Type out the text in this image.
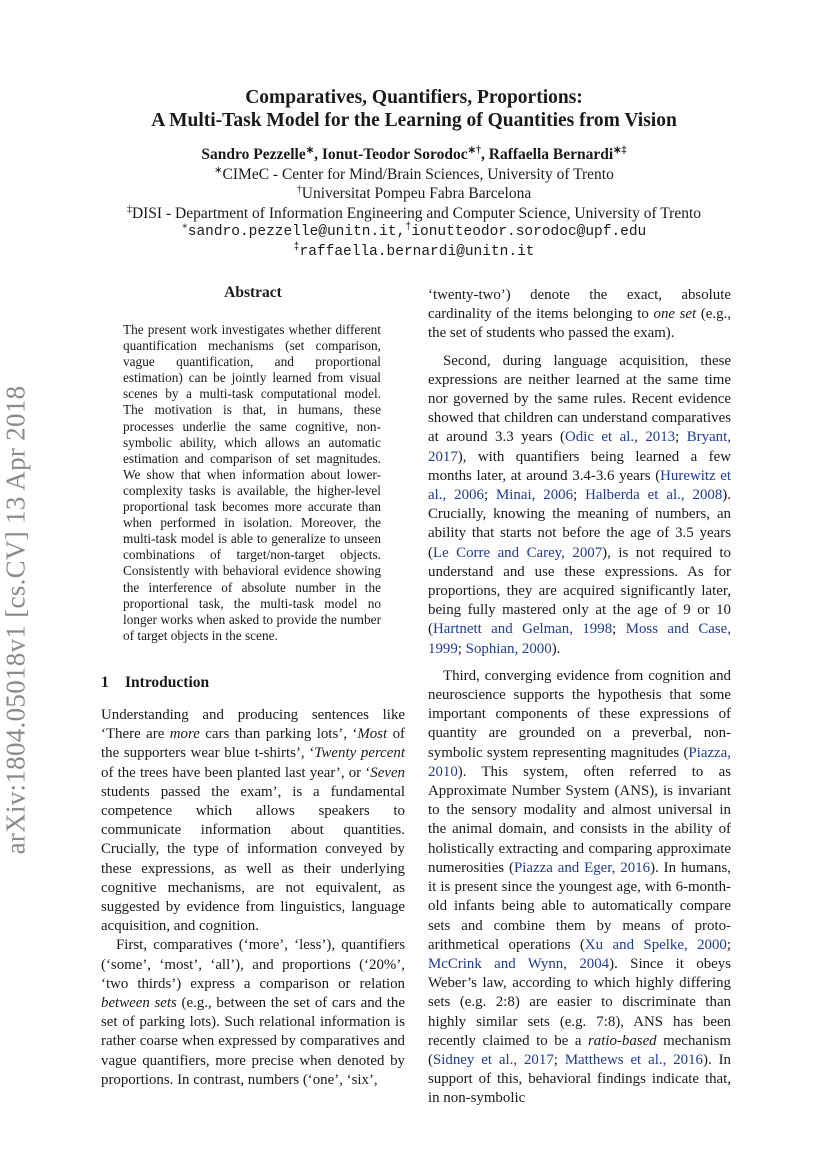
arXiv:1804.05018v1 [cs.CV] 13 Apr 2018
Comparatives, Quantifiers, Proportions:
A Multi-Task Model for the Learning of Quantities from Vision
Sandro Pezzelle∗, Ionut-Teodor Sorodoc∗†, Raffaella Bernardi∗‡
∗CIMeC - Center for Mind/Brain Sciences, University of Trento
†Universitat Pompeu Fabra Barcelona
‡DISI - Department of Information Engineering and Computer Science, University of Trento
∗sandro.pezzelle@unitn.it,†ionutteodor.sorodoc@upf.edu
‡raffaella.bernardi@unitn.it
Abstract
The present work investigates whether different quantification mechanisms (set comparison, vague quantification, and proportional estimation) can be jointly learned from visual scenes by a multi-task computational model. The motivation is that, in humans, these processes underlie the same cognitive, non-symbolic ability, which allows an automatic estimation and comparison of set magnitudes. We show that when information about lower-complexity tasks is available, the higher-level proportional task becomes more accurate than when performed in isolation. Moreover, the multi-task model is able to generalize to unseen combinations of target/non-target objects. Consistently with behavioral evidence showing the interference of absolute number in the proportional task, the multi-task model no longer works when asked to provide the number of target objects in the scene.
1 Introduction

Understanding and producing sentences like ‘There are more cars than parking lots’, ‘Most of the supporters wear blue t-shirts’, ‘Twenty percent of the trees have been planted last year’, or ‘Seven students passed the exam’, is a fundamental competence which allows speakers to communicate information about quantities. Crucially, the type of information conveyed by these expressions, as well as their underlying cognitive mechanisms, are not equivalent, as suggested by evidence from linguistics, language acquisition, and cognition.

First, comparatives (‘more’, ‘less’), quantifiers (‘some’, ‘most’, ‘all’), and proportions (‘20%’, ‘two thirds’) express a comparison or relation between sets (e.g., between the set of cars and the set of parking lots). Such relational information is rather coarse when expressed by comparatives and vague quantifiers, more precise when denoted by proportions. In contrast, numbers (‘one’, ‘six’,

‘twenty-two’) denote the exact, absolute cardinality of the items belonging to one set (e.g., the set of students who passed the exam).

Second, during language acquisition, these expressions are neither learned at the same time nor governed by the same rules. Recent evidence showed that children can understand comparatives at around 3.3 years (Odic et al., 2013; Bryant, 2017), with quantifiers being learned a few months later, at around 3.4-3.6 years (Hurewitz et al., 2006; Minai, 2006; Halberda et al., 2008). Crucially, knowing the meaning of numbers, an ability that starts not before the age of 3.5 years (Le Corre and Carey, 2007), is not required to understand and use these expressions. As for proportions, they are acquired significantly later, being fully mastered only at the age of 9 or 10 (Hartnett and Gelman, 1998; Moss and Case, 1999; Sophian, 2000).

Third, converging evidence from cognition and neuroscience supports the hypothesis that some important components of these expressions of quantity are grounded on a preverbal, non-symbolic system representing magnitudes (Piazza, 2010). This system, often referred to as Approximate Number System (ANS), is invariant to the sensory modality and almost universal in the animal domain, and consists in the ability of holistically extracting and comparing approximate numerosities (Piazza and Eger, 2016). In humans, it is present since the youngest age, with 6-month-old infants being able to automatically compare sets and combine them by means of proto-arithmetical operations (Xu and Spelke, 2000; McCrink and Wynn, 2004). Since it obeys Weber’s law, according to which highly differing sets (e.g. 2:8) are easier to discriminate than highly similar sets (e.g. 7:8), ANS has been recently claimed to be a ratio-based mechanism (Sidney et al., 2017; Matthews et al., 2016). In support of this, behavioral findings indicate that, in non-symbolic
